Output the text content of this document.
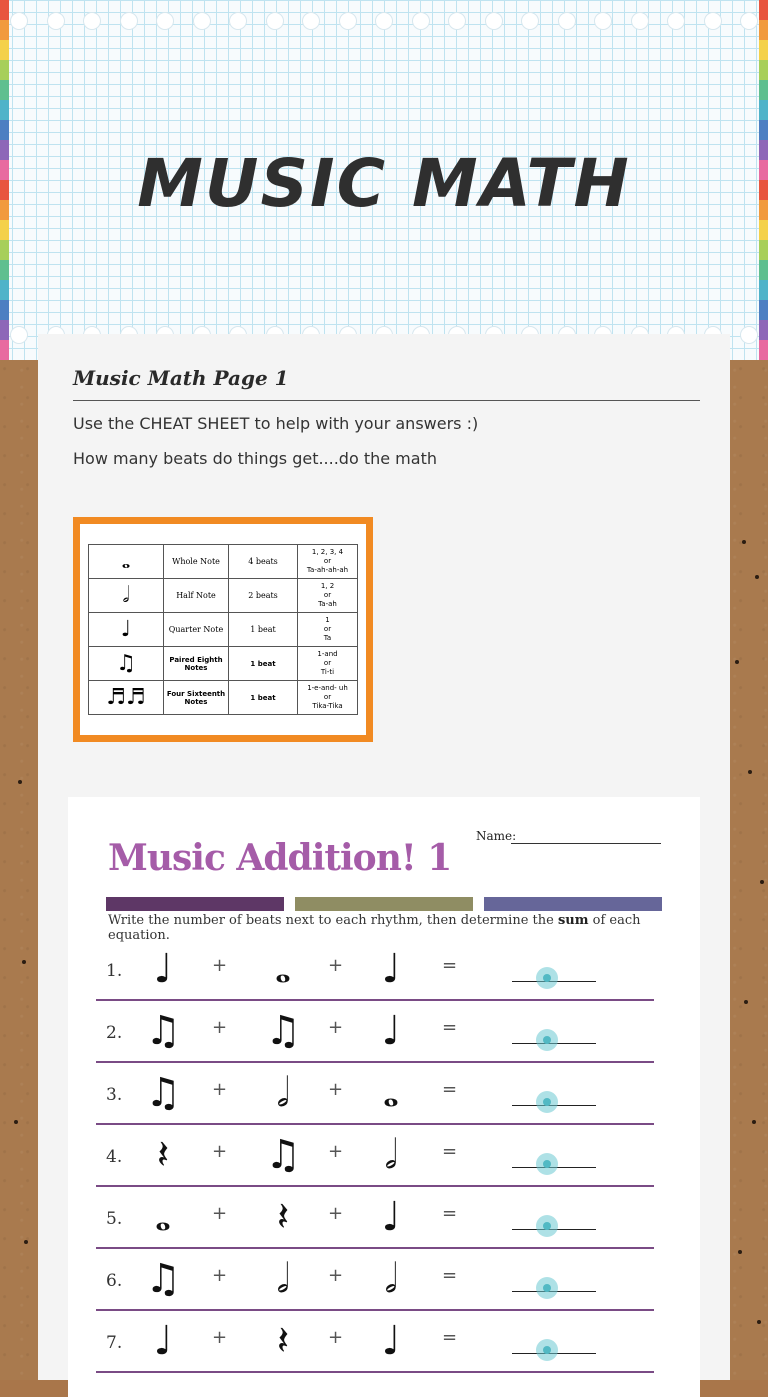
MUSIC MATH
Music Math Page 1
Use the CHEAT SHEET to help with your answers :)
How many beats do things get....do the math
𝅝	Whole Note	4 beats	1, 2, 3, 4
or
Ta-ah-ah-ah

𝅗𝅥	Half Note	2 beats	1, 2
or
Ta-ah

♩	Quarter Note	1 beat	1
or
Ta

♫	Paired Eighth Notes	1 beat	1-and
or
Ti-ti

♬♬	Four Sixteenth Notes	1 beat	1-e-and- uh
or
Tika-Tika
Music Addition! 1
Name:
Write the number of beats next to each rhythm, then determine the sum of each equation.
1. ♩	+	𝅝	+ ♩	=
2. ♫	+ ♫	+ ♩	=
3. ♫	+	𝅗𝅥	+ 𝅝	=
4. 𝄽	+ ♫	+	𝅗𝅥	=
5. 𝅝	+	𝄽	+ ♩	=
6. ♫	+	𝅗𝅥	+	𝅗𝅥	=
7. ♩	+	𝄽	+ ♩	=
